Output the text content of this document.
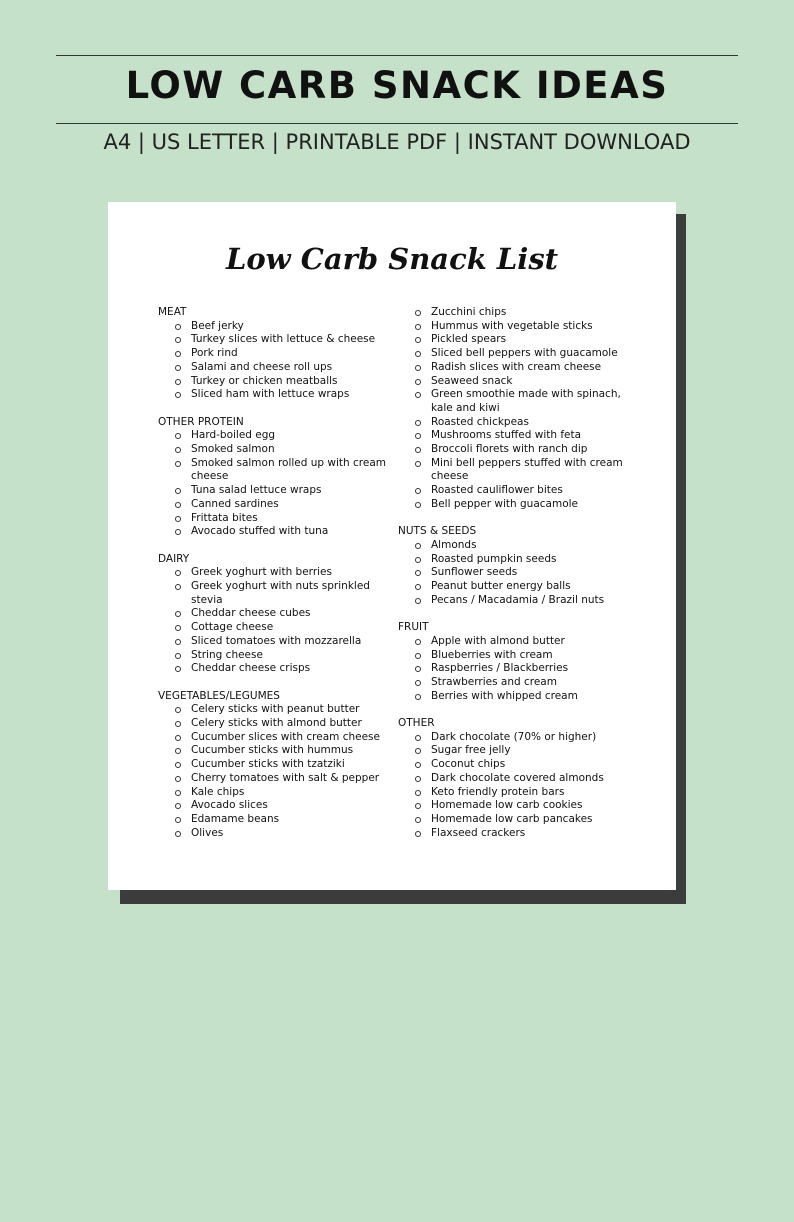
LOW CARB SNACK IDEAS

A4 | US LETTER | PRINTABLE PDF | INSTANT DOWNLOAD

Low Carb Snack List
MEAT
Beef jerky
Turkey slices with lettuce & cheese
Pork rind
Salami and cheese roll ups
Turkey or chicken meatballs
Sliced ham with lettuce wraps
OTHER PROTEIN
Hard-boiled egg
Smoked salmon
Smoked salmon rolled up with cream cheese
Tuna salad lettuce wraps
Canned sardines
Frittata bites
Avocado stuffed with tuna
DAIRY
Greek yoghurt with berries
Greek yoghurt with nuts sprinkled stevia
Cheddar cheese cubes
Cottage cheese
Sliced tomatoes with mozzarella
String cheese
Cheddar cheese crisps
VEGETABLES/LEGUMES
Celery sticks with peanut butter
Celery sticks with almond butter
Cucumber slices with cream cheese
Cucumber sticks with hummus
Cucumber sticks with tzatziki
Cherry tomatoes with salt & pepper
Kale chips
Avocado slices
Edamame beans
Olives
Zucchini chips
Hummus with vegetable sticks
Pickled spears
Sliced bell peppers with guacamole
Radish slices with cream cheese
Seaweed snack
Green smoothie made with spinach, kale and kiwi
Roasted chickpeas
Mushrooms stuffed with feta
Broccoli florets with ranch dip
Mini bell peppers stuffed with cream cheese
Roasted cauliflower bites
Bell pepper with guacamole
NUTS & SEEDS
Almonds
Roasted pumpkin seeds
Sunflower seeds
Peanut butter energy balls
Pecans / Macadamia / Brazil nuts
FRUIT
Apple with almond butter
Blueberries with cream
Raspberries / Blackberries
Strawberries and cream
Berries with whipped cream
OTHER
Dark chocolate (70% or higher)
Sugar free jelly
Coconut chips
Dark chocolate covered almonds
Keto friendly protein bars
Homemade low carb cookies
Homemade low carb pancakes
Flaxseed crackers
